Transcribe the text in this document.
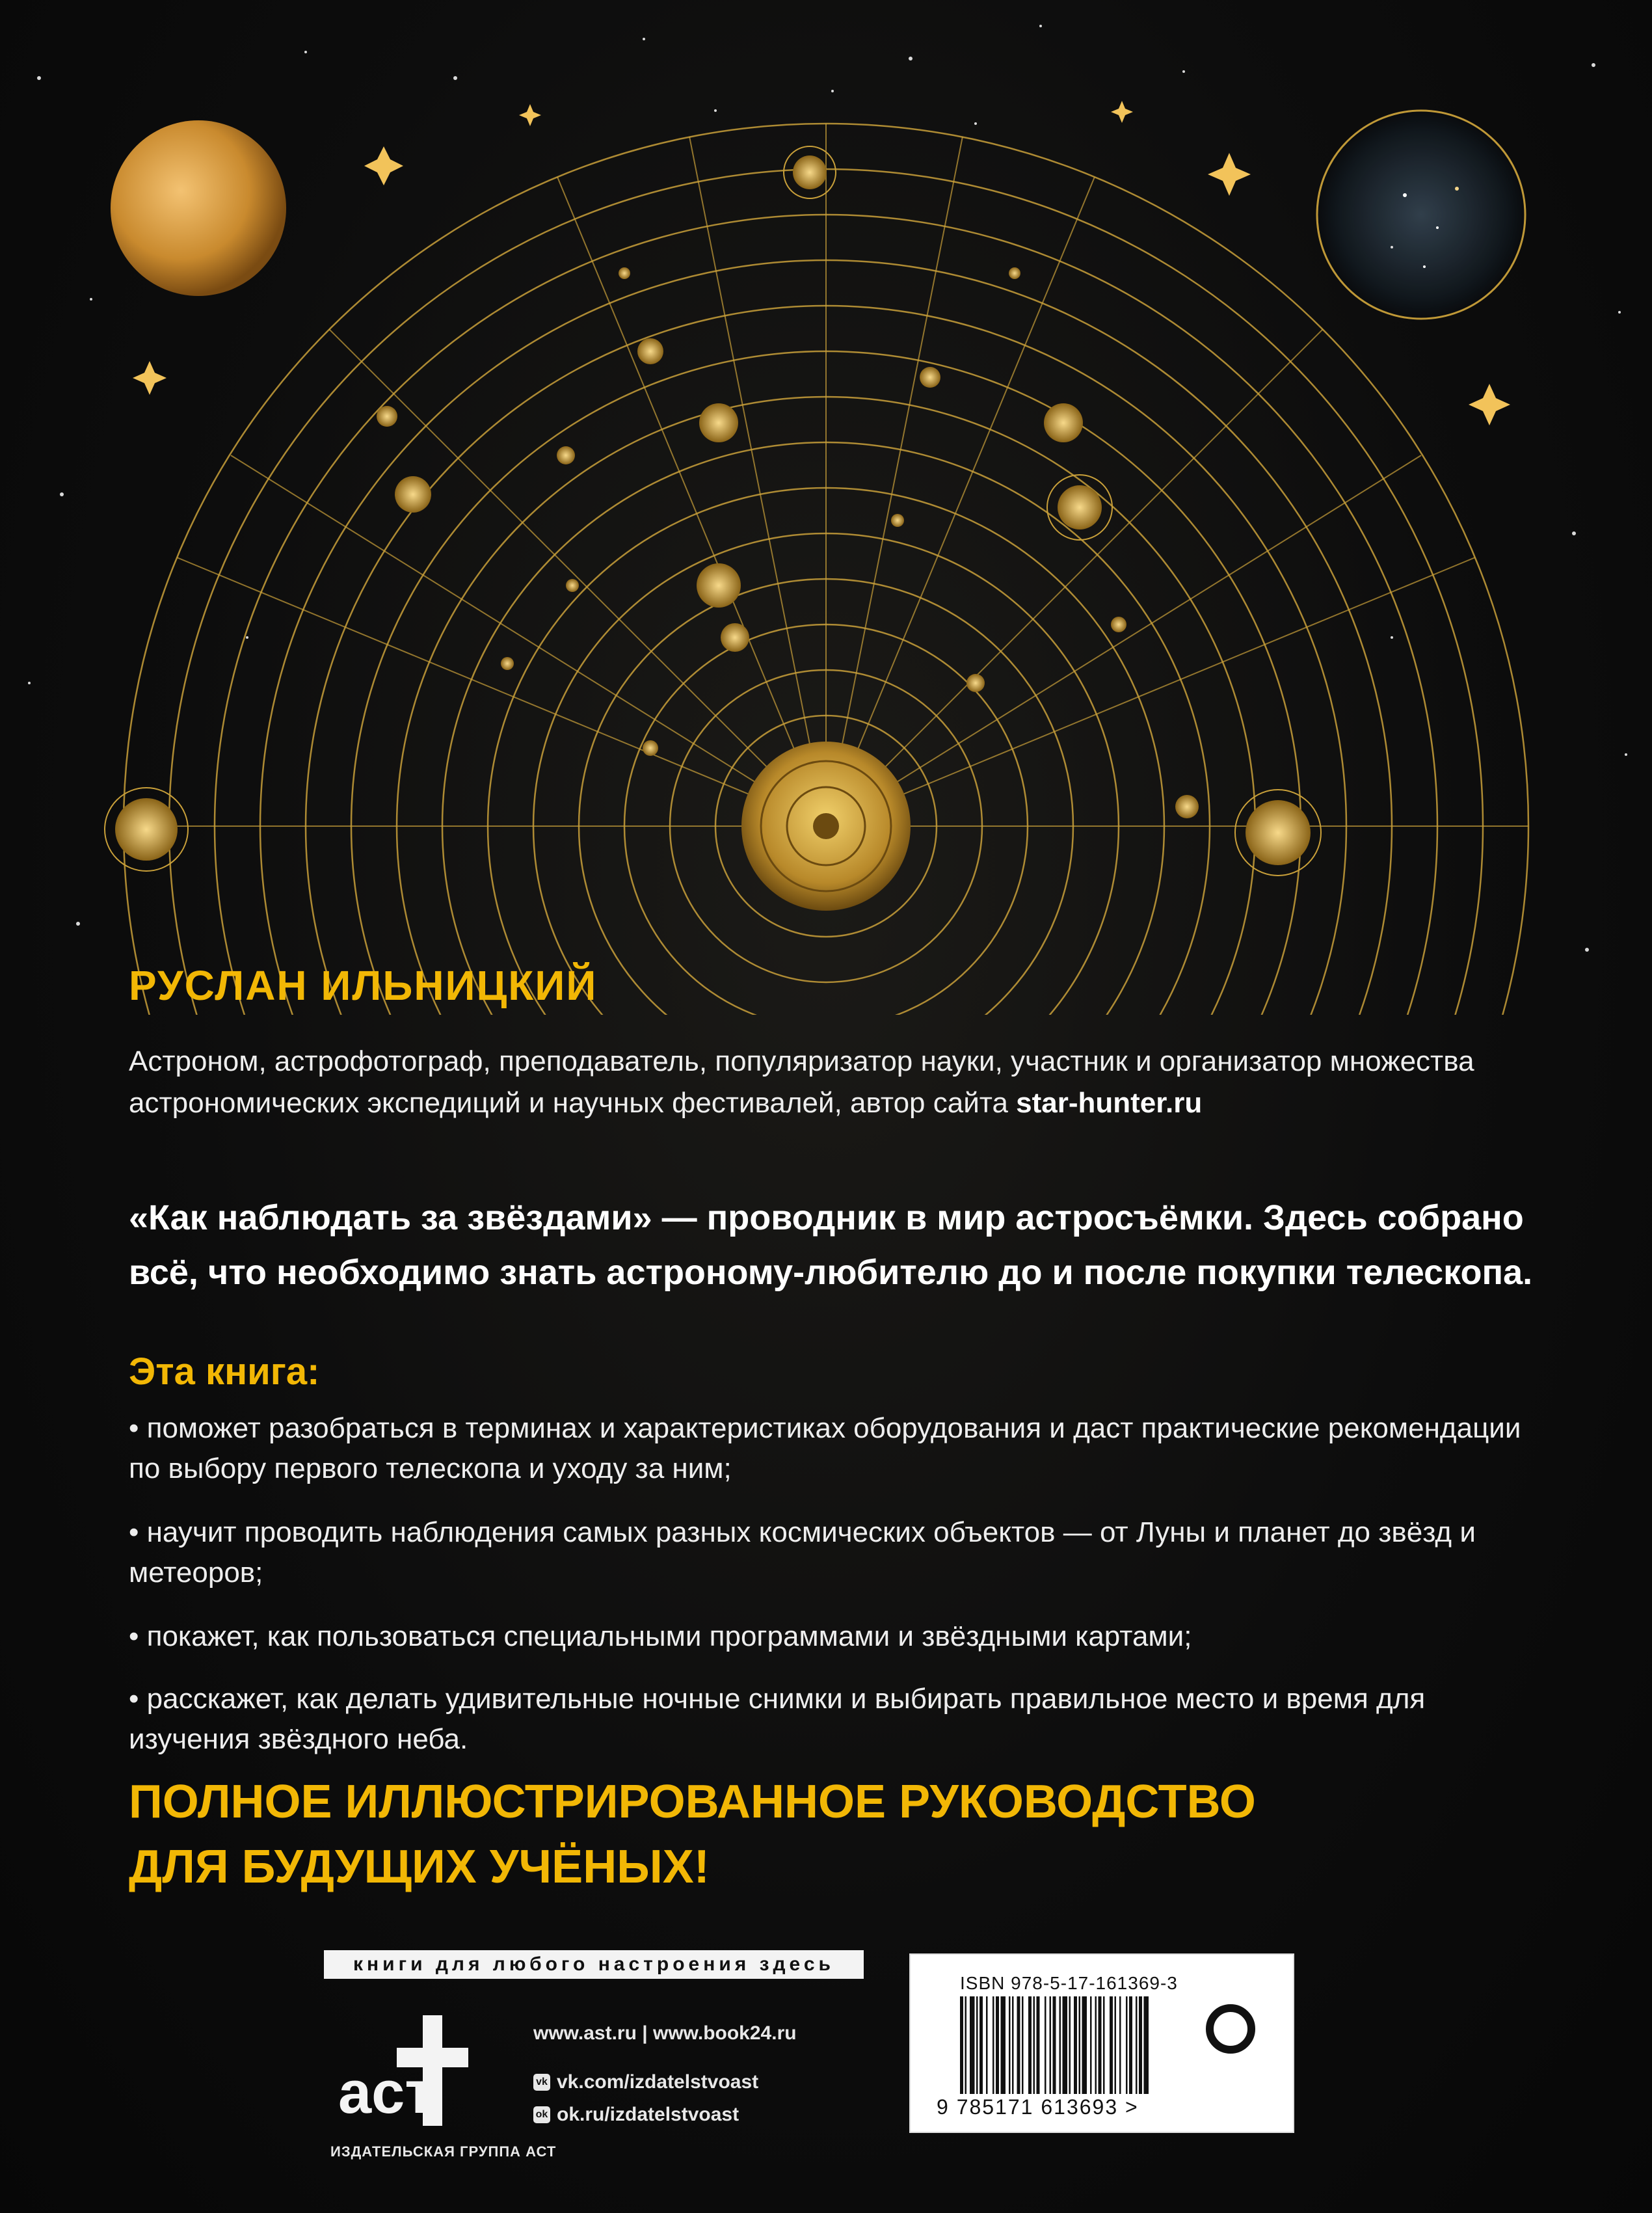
РУСЛАН ИЛЬНИЦКИЙ
Астроном, астрофотограф, преподаватель, популяризатор науки, участник и организатор множества астрономических экспедиций и научных фестивалей, автор сайта star-hunter.ru
«Как наблюдать за звёздами» — проводник в мир астросъёмки. Здесь собрано всё, что необходимо знать астроному-любителю до и после покупки телескопа.
Эта книга:
• поможет разобраться в терминах и характеристиках оборудования и даст практические рекомендации по выбору первого телескопа и уходу за ним;
• научит проводить наблюдения самых разных космических объектов — от Луны и планет до звёзд и метеоров;
• покажет, как пользоваться специальными программами и звёздными картами;
• расскажет, как делать удивительные ночные снимки и выбирать правильное место и время для изучения звёздного неба.
ПОЛНОЕ ИЛЛЮСТРИРОВАННОЕ РУКОВОДСТВО
ДЛЯ БУДУЩИХ УЧЁНЫХ!
книги для любого настроения здесь
аст
ИЗДАТЕЛЬСКАЯ ГРУППА АСТ
www.ast.ru | www.book24.ru
vk vk.com/izdatelstvoast
ok ok.ru/izdatelstvoast
ISBN 978-5-17-161369-3
9 785171 613693 >
